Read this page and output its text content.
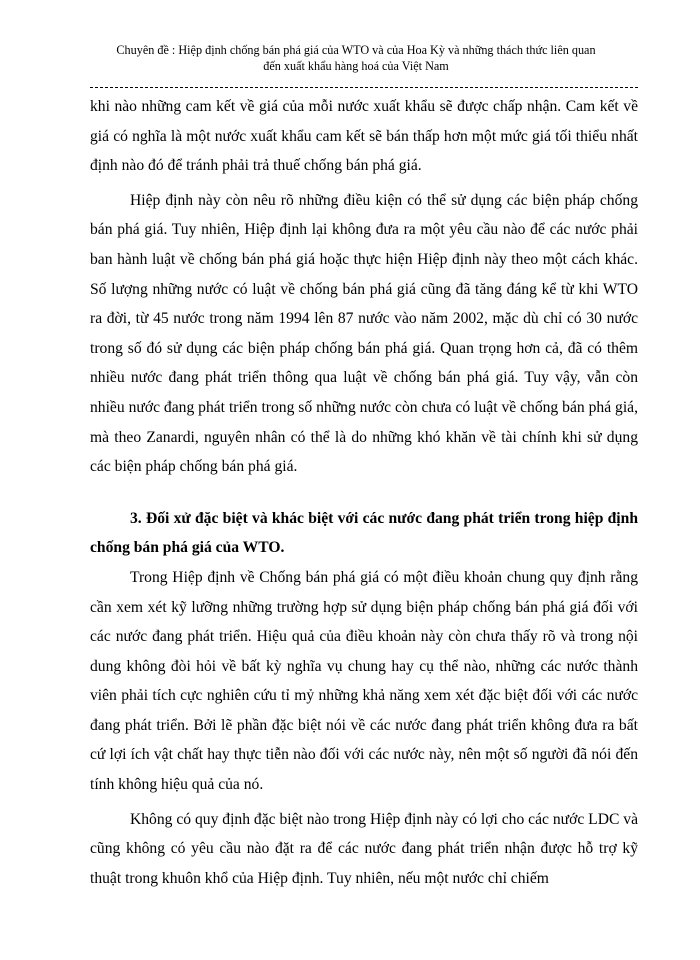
Chuyên đề : Hiệp định chống bán phá giá của WTO và của Hoa Kỳ và những thách thức liên quan
đến xuất khẩu hàng hoá của Việt Nam

khi nào những cam kết về giá của mỗi nước xuất khẩu sẽ được chấp nhận. Cam kết về giá có nghĩa là một nước xuất khẩu cam kết sẽ bán thấp hơn một mức giá tối thiểu nhất định nào đó để tránh phải trả thuế chống bán phá giá.

Hiệp định này còn nêu rõ những điều kiện có thể sử dụng các biện pháp chống bán phá giá. Tuy nhiên, Hiệp định lại không đưa ra một yêu cầu nào để các nước phải ban hành luật về chống bán phá giá hoặc thực hiện Hiệp định này theo một cách khác. Số lượng những nước có luật về chống bán phá giá cũng đã tăng đáng kể từ khi WTO ra đời, từ 45 nước trong năm 1994 lên 87 nước vào năm 2002, mặc dù chỉ có 30 nước trong số đó sử dụng các biện pháp chống bán phá giá. Quan trọng hơn cả, đã có thêm nhiều nước đang phát triển thông qua luật về chống bán phá giá. Tuy vậy, vẫn còn nhiều nước đang phát triển trong số những nước còn chưa có luật về chống bán phá giá, mà theo Zanardi, nguyên nhân có thể là do những khó khăn về tài chính khi sử dụng các biện pháp chống bán phá giá.

3. Đối xử đặc biệt và khác biệt với các nước đang phát triển trong hiệp định chống bán phá giá của WTO.

Trong Hiệp định về Chống bán phá giá có một điều khoản chung quy định rằng cần xem xét kỹ lưỡng những trường hợp sử dụng biện pháp chống bán phá giá đối với các nước đang phát triển. Hiệu quả của điều khoản này còn chưa thấy rõ và trong nội dung không đòi hỏi về bất kỳ nghĩa vụ chung hay cụ thể nào, những các nước thành viên phải tích cực nghiên cứu tỉ mỷ những khả năng xem xét đặc biệt đối với các nước đang phát triển. Bởi lẽ phần đặc biệt nói về các nước đang phát triển không đưa ra bất cứ lợi ích vật chất hay thực tiễn nào đối với các nước này, nên một số người đã nói đến tính không hiệu quả của nó.

Không có quy định đặc biệt nào trong Hiệp định này có lợi cho các nước LDC và cũng không có yêu cầu nào đặt ra để các nước đang phát triển nhận được hỗ trợ kỹ thuật trong khuôn khổ của Hiệp định. Tuy nhiên, nếu một nước chỉ chiếm
